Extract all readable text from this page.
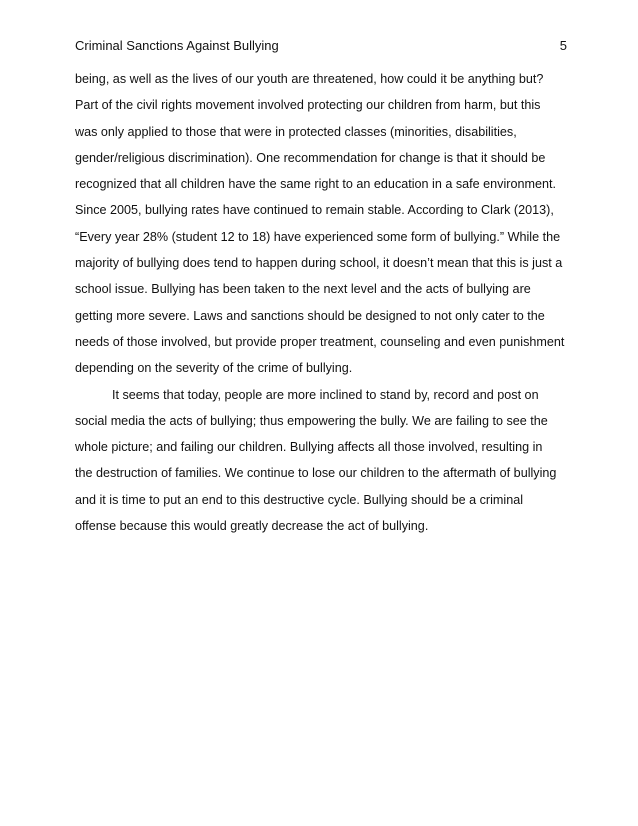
Criminal Sanctions Against Bullying	5
being, as well as the lives of our youth are threatened, how could it be anything but?
Part of the civil rights movement involved protecting our children from harm, but this
was only applied to those that were in protected classes (minorities, disabilities,
gender/religious discrimination). One recommendation for change is that it should be
recognized that all children have the same right to an education in a safe environment.
Since 2005, bullying rates have continued to remain stable. According to Clark (2013),
“Every year 28% (student 12 to 18) have experienced some form of bullying.” While the
majority of bullying does tend to happen during school, it doesn’t mean that this is just a
school issue. Bullying has been taken to the next level and the acts of bullying are
getting more severe. Laws and sanctions should be designed to not only cater to the
needs of those involved, but provide proper treatment, counseling and even punishment
depending on the severity of the crime of bullying.
It seems that today, people are more inclined to stand by, record and post on
social media the acts of bullying; thus empowering the bully. We are failing to see the
whole picture; and failing our children. Bullying affects all those involved, resulting in
the destruction of families. We continue to lose our children to the aftermath of bullying
and it is time to put an end to this destructive cycle. Bullying should be a criminal
offense because this would greatly decrease the act of bullying.
